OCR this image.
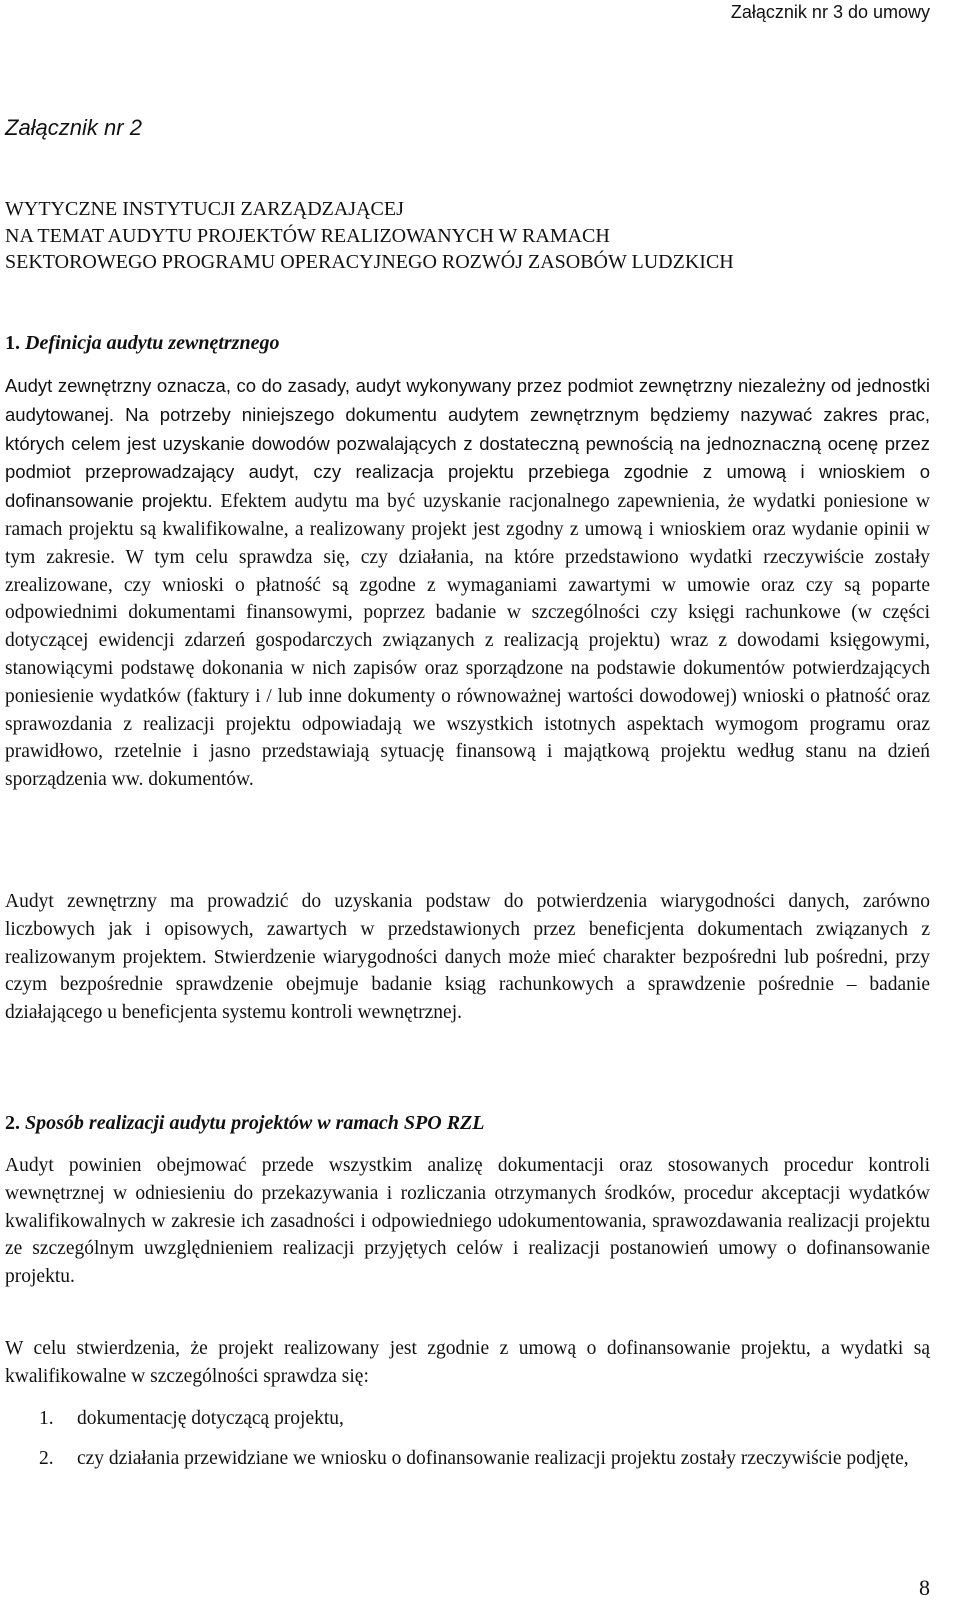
Załącznik nr 3 do umowy
Załącznik nr 2
WYTYCZNE INSTYTUCJI ZARZĄDZAJĄCEJ
NA TEMAT AUDYTU PROJEKTÓW REALIZOWANYCH W RAMACH
SEKTOROWEGO PROGRAMU OPERACYJNEGO ROZWÓJ ZASOBÓW LUDZKICH
1. Definicja audytu zewnętrznego
Audyt zewnętrzny oznacza, co do zasady, audyt wykonywany przez podmiot zewnętrzny niezależny od jednostki audytowanej. Na potrzeby niniejszego dokumentu audytem zewnętrznym będziemy nazywać zakres prac, których celem jest uzyskanie dowodów pozwalających z dostateczną pewnością na jednoznaczną ocenę przez podmiot przeprowadzający audyt, czy realizacja projektu przebiega zgodnie z umową i wnioskiem o dofinansowanie projektu. Efektem audytu ma być uzyskanie racjonalnego zapewnienia, że wydatki poniesione w ramach projektu są kwalifikowalne, a realizowany projekt jest zgodny z umową i wnioskiem oraz wydanie opinii w tym zakresie. W tym celu sprawdza się, czy działania, na które przedstawiono wydatki rzeczywiście zostały zrealizowane, czy wnioski o płatność są zgodne z wymaganiami zawartymi w umowie oraz czy są poparte odpowiednimi dokumentami finansowymi, poprzez badanie w szczególności czy księgi rachunkowe (w części dotyczącej ewidencji zdarzeń gospodarczych związanych z realizacją projektu) wraz z dowodami księgowymi, stanowiącymi podstawę dokonania w nich zapisów oraz sporządzone na podstawie dokumentów potwierdzających poniesienie wydatków (faktury i / lub inne dokumenty o równoważnej wartości dowodowej) wnioski o płatność oraz sprawozdania z realizacji projektu odpowiadają we wszystkich istotnych aspektach wymogom programu oraz prawidłowo, rzetelnie i jasno przedstawiają sytuację finansową i majątkową projektu według stanu na dzień sporządzenia ww. dokumentów.
Audyt zewnętrzny ma prowadzić do uzyskania podstaw do potwierdzenia wiarygodności danych, zarówno liczbowych jak i opisowych, zawartych w przedstawionych przez beneficjenta dokumentach związanych z realizowanym projektem. Stwierdzenie wiarygodności danych może mieć charakter bezpośredni lub pośredni, przy czym bezpośrednie sprawdzenie obejmuje badanie ksiąg rachunkowych a sprawdzenie pośrednie – badanie działającego u beneficjenta systemu kontroli wewnętrznej.
2. Sposób realizacji audytu projektów w ramach SPO RZL
Audyt powinien obejmować przede wszystkim analizę dokumentacji oraz stosowanych procedur kontroli wewnętrznej w odniesieniu do przekazywania i rozliczania otrzymanych środków, procedur akceptacji wydatków kwalifikowalnych w zakresie ich zasadności i odpowiedniego udokumentowania, sprawozdawania realizacji projektu ze szczególnym uwzględnieniem realizacji przyjętych celów i realizacji postanowień umowy o dofinansowanie projektu.
W celu stwierdzenia, że projekt realizowany jest zgodnie z umową o dofinansowanie projektu, a wydatki są kwalifikowalne w szczególności sprawdza się:
1. dokumentację dotyczącą projektu,
2. czy działania przewidziane we wniosku o dofinansowanie realizacji projektu zostały rzeczywiście podjęte,
8
